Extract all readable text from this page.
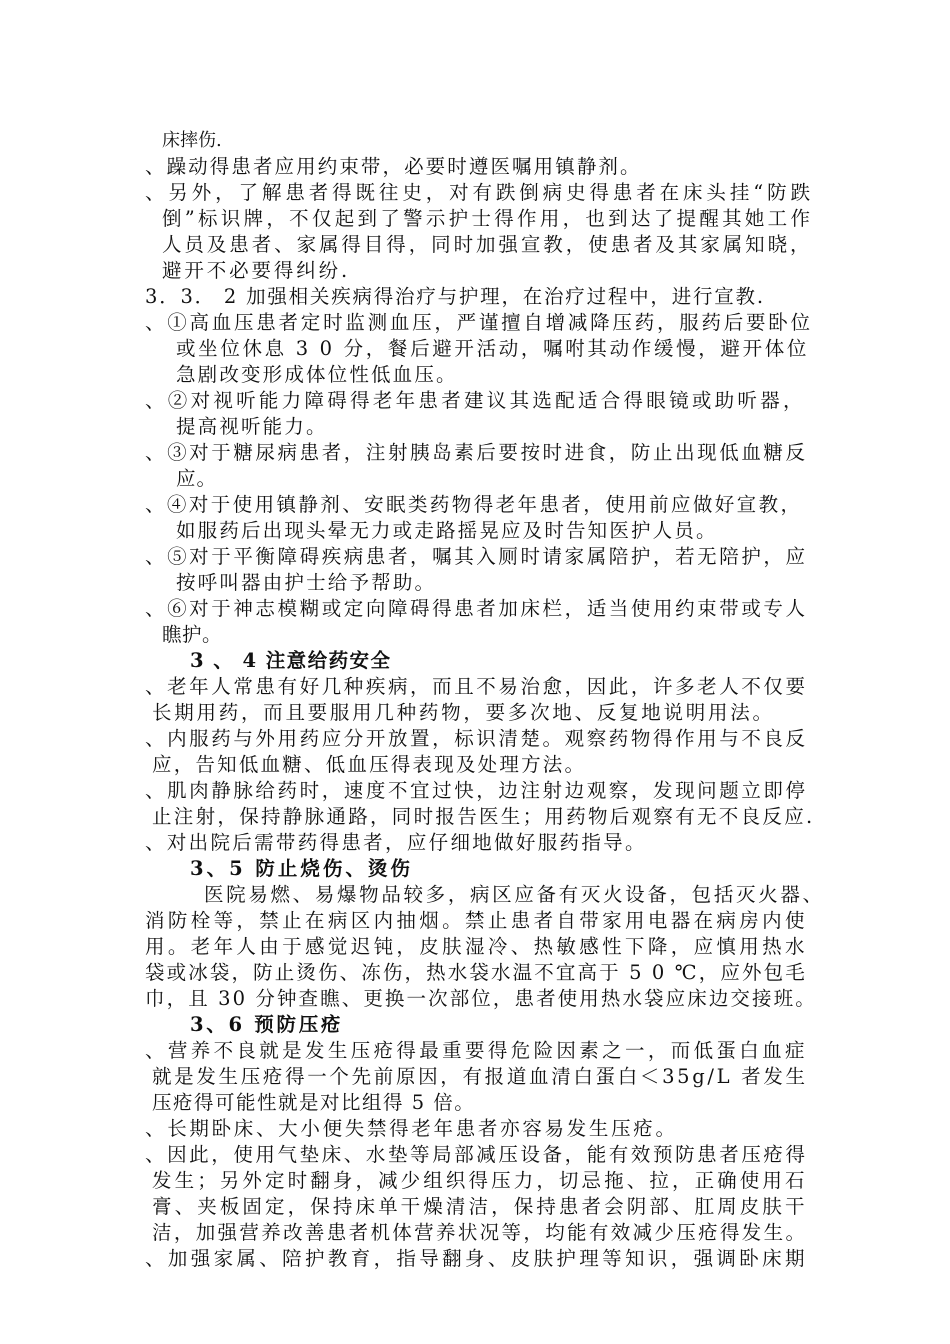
床摔伤.
、躁动得患者应用约束带，必要时遵医嘱用镇静剂。
、另外，了解患者得既往史，对有跌倒病史得患者在床头挂“防跌
倒”标识牌，不仅起到了警示护士得作用，也到达了提醒其她工作
人员及患者、家属得目得，同时加强宣教，使患者及其家属知晓，
避开不必要得纠纷.
3．3． 2 加强相关疾病得治疗与护理，在治疗过程中，进行宣教.
、①高血压患者定时监测血压，严谨擅自增减降压药，服药后要卧位
或坐位休息 3 0 分，餐后避开活动，嘱咐其动作缓慢，避开体位
急剧改变形成体位性低血压。
、②对视听能力障碍得老年患者建议其选配适合得眼镜或助听器，
提高视听能力。
、③对于糖尿病患者，注射胰岛素后要按时进食，防止出现低血糖反
应。
、④对于使用镇静剂、安眠类药物得老年患者，使用前应做好宣教，
如服药后出现头晕无力或走路摇晃应及时告知医护人员。
、⑤对于平衡障碍疾病患者，嘱其入厕时请家属陪护，若无陪护，应
按呼叫器由护士给予帮助。
、⑥对于神志模糊或定向障碍得患者加床栏，适当使用约束带或专人
瞧护。
3 、 4 注意给药安全
、老年人常患有好几种疾病，而且不易治愈，因此，许多老人不仅要
长期用药，而且要服用几种药物，要多次地、反复地说明用法。
、内服药与外用药应分开放置，标识清楚。观察药物得作用与不良反
应，告知低血糖、低血压得表现及处理方法。
、肌肉静脉给药时，速度不宜过快，边注射边观察，发现问题立即停
止注射，保持静脉通路，同时报告医生；用药物后观察有无不良反应.
、对出院后需带药得患者，应仔细地做好服药指导。
3、5 防止烧伤、烫伤
医院易燃、易爆物品较多，病区应备有灭火设备，包括灭火器、
消防栓等，禁止在病区内抽烟。禁止患者自带家用电器在病房内使
用。老年人由于感觉迟钝，皮肤湿冷、热敏感性下降，应慎用热水
袋或冰袋，防止烫伤、冻伤，热水袋水温不宜高于 5 0 ℃，应外包毛
巾，且 30 分钟查瞧、更换一次部位，患者使用热水袋应床边交接班。
3、6 预防压疮
、营养不良就是发生压疮得最重要得危险因素之一，而低蛋白血症
就是发生压疮得一个先前原因，有报道血清白蛋白＜35g/L 者发生
压疮得可能性就是对比组得 5 倍。
、长期卧床、大小便失禁得老年患者亦容易发生压疮。
、因此，使用气垫床、水垫等局部减压设备，能有效预防患者压疮得
发生；另外定时翻身，减少组织得压力，切忌拖、拉，正确使用石
膏、夹板固定，保持床单干燥清洁，保持患者会阴部、肛周皮肤干
洁，加强营养改善患者机体营养状况等，均能有效减少压疮得发生。
、加强家属、陪护教育，指导翻身、皮肤护理等知识，强调卧床期
